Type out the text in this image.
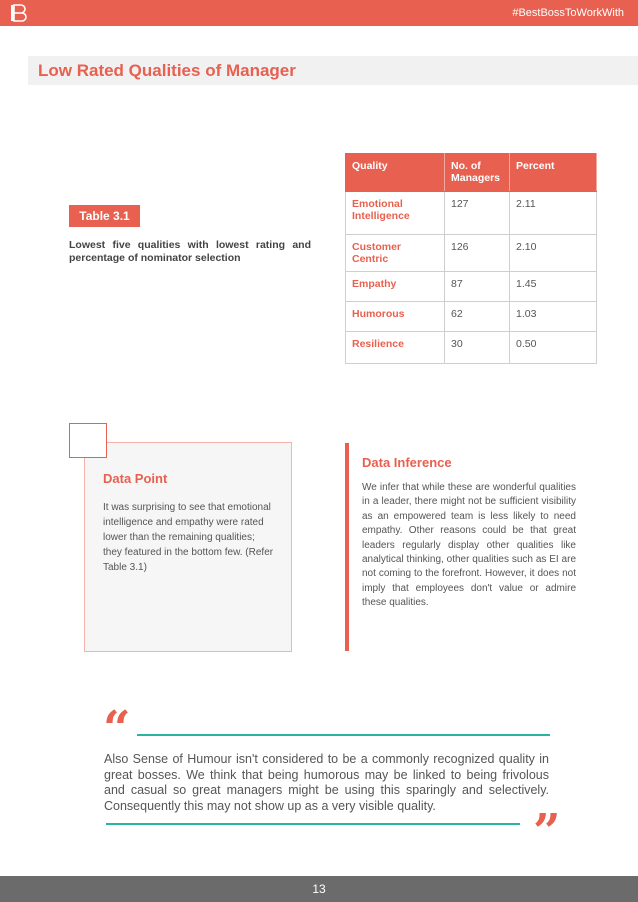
#BestBossToWorkWith
Low Rated Qualities of Manager
Table 3.1
Lowest five qualities with lowest rating and percentage of nominator selection
Quality	No. of Managers	Percent
Emotional Intelligence	127	2.11
Customer Centric	126	2.10
Empathy	87	1.45
Humorous	62	1.03
Resilience	30	0.50
Data Point
It was surprising to see that emotional intelligence and empathy were rated lower than the remaining qualities; they featured in the bottom few. (Refer Table 3.1)
Data Inference
We infer that while these are wonderful qualities in a leader, there might not be sufficient visibility as an empowered team is less likely to need empathy. Other reasons could be that great leaders regularly display other qualities like analytical thinking, other qualities such as EI are not coming to the forefront. However, it does not imply that employees don't value or admire these qualities.
“
Also Sense of Humour isn't considered to be a commonly recognized quality in great bosses. We think that being humorous may be linked to being frivolous and casual so great managers might be using this sparingly and selectively. Consequently this may not show up as a very visible quality.	”
13
